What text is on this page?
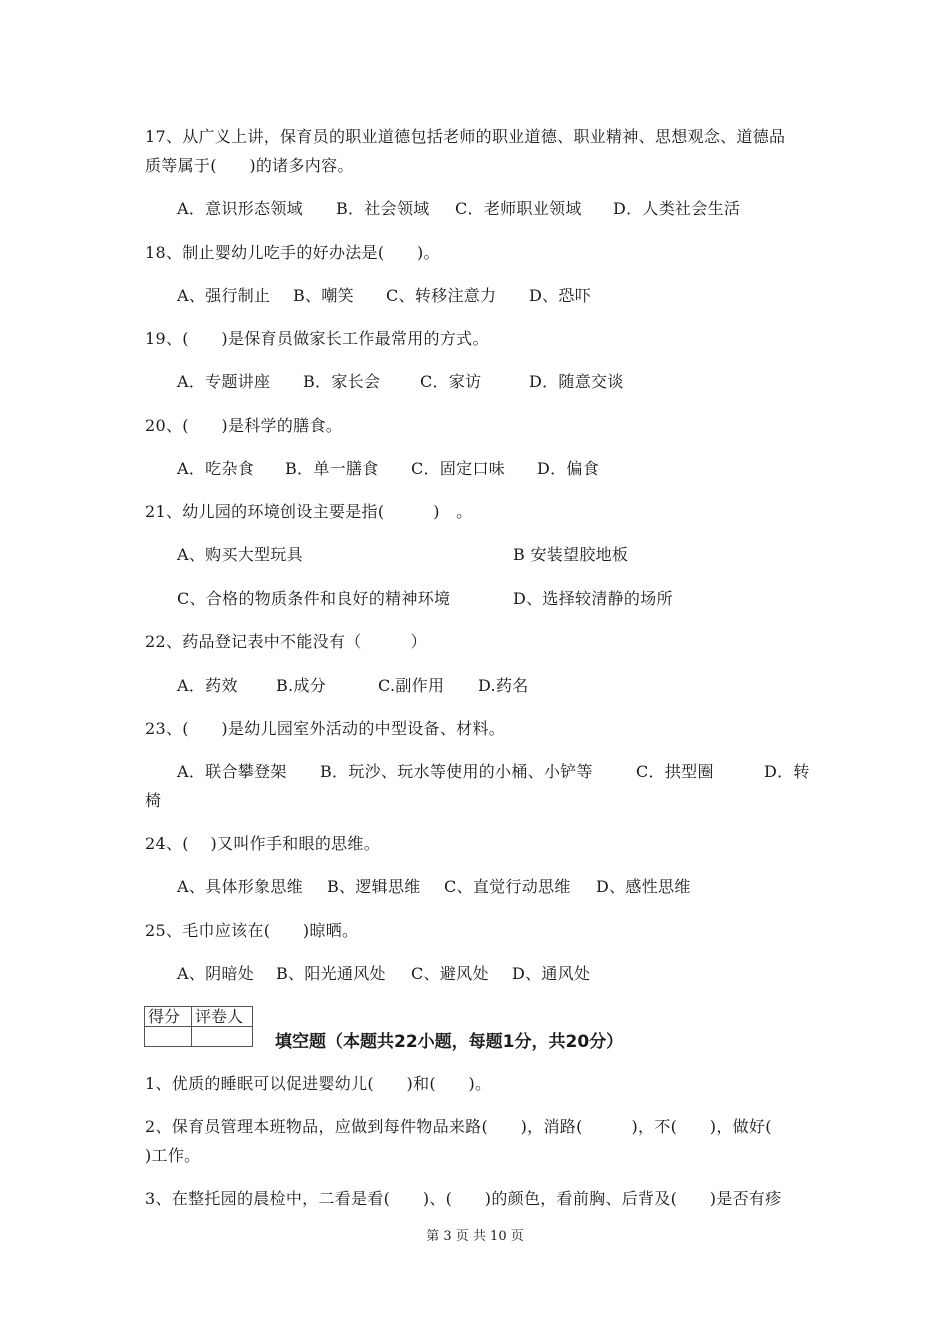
17、从广义上讲，保育员的职业道德包括老师的职业道德、职业精神、思想观念、道德品
质等属于(　　)的诸多内容。
A．意识形态领域 B．社会领域 C．老师职业领域 D．人类社会生活
18、制止婴幼儿吃手的好办法是(　　)。
A、强行制止 B、嘲笑 C、转移注意力 D、恐吓
19、(　　)是保育员做家长工作最常用的方式。
A．专题讲座 B．家长会 C．家访	D．随意交谈
20、(　　)是科学的膳食。
A．吃杂食 B．单一膳食 C．固定口味 D．偏食
21、幼儿园的环境创设主要是指(　　　)　。
A、购买大型玩具	B 安装望胶地板
C、合格的物质条件和良好的精神环境	D、选择较清静的场所
22、药品登记表中不能没有（　　　）
A．药效 B.成分	C.副作用 D.药名
23、(　　)是幼儿园室外活动的中型设备、材料。
A．联合攀登架 B．玩沙、玩水等使用的小桶、小铲等	C．拱型圈	D．转
椅
24、(　 )又叫作手和眼的思维。
A、具体形象思维 B、逻辑思维 C、直觉行动思维 D、感性思维
25、毛巾应该在(　　)晾晒。
A、阴暗处 B、阳光通风处 C、避风处 D、通风处
得分	评卷人

填空题（本题共22小题，每题1分，共20分）
1、优质的睡眠可以促进婴幼儿(　　)和(　　)。
2、保育员管理本班物品，应做到每件物品来路(　　)，消路(　　　)，不(　　)，做好(
)工作。
3、在整托园的晨检中，二看是看(　　)、(　　)的颜色，看前胸、后背及(　　)是否有疹
第 3 页 共 10 页
